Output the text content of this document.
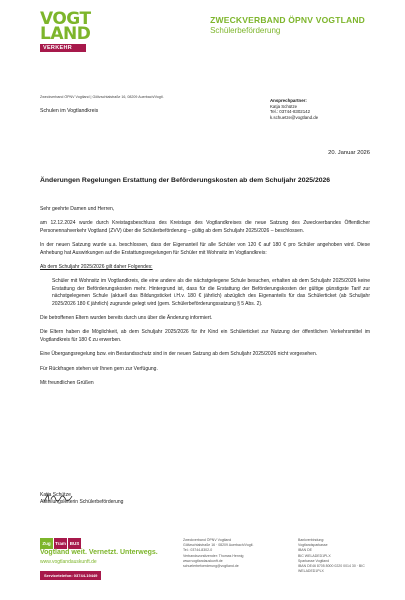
VOGT
LAND
VERKEHR
ZWECKVERBAND ÖPNV VOGTLAND
Schülerbeförderung
Zweckverband ÖPNV Vogtland | Göltzschtalstraße 16, 08209 Auerbach/Vogtl.
Schulen im Vogtlandkreis
Ansprechpartner:
Katja Schütze
Tel.: 03744-8302142
k.schuetze@vogtland.de
20. Januar 2026
Änderungen Regelungen Erstattung der Beförderungskosten ab dem Schuljahr 2025/2026

Sehr geehrte Damen und Herren,

am 12.12.2024 wurde durch Kreistagsbeschluss des Kreistags des Vogtlandkreises die neue Satzung des Zweckverbandes Öffentlicher Personennahverkehr Vogtland (ZVV) über die Schülerbeförderung – gültig ab dem Schuljahr 2025/2026 – beschlossen.

In der neuen Satzung wurde u.a. beschlossen, dass der Eigenanteil für alle Schüler von 120 € auf 180 € pro Schüler angehoben wird. Diese Anhebung hat Auswirkungen auf die Erstattungsregelungen für Schüler mit Wohnsitz im Vogtlandkreis:

Ab dem Schuljahr 2025/2026 gilt daher Folgendes:

Schüler mit Wohnsitz im Vogtlandkreis, die eine andere als die nächstgelegene Schule besuchen, erhalten ab dem Schuljahr 2025/2026 keine Erstattung der Beförderungskosten mehr. Hintergrund ist, dass für die Erstattung der Beförderungskosten der gültige günstigste Tarif zur nächstgelegenen Schule (aktuell das Bildungsticket i.H.v. 180 € jährlich) abzüglich des Eigenanteils für das Schülerticket (ab Schuljahr 2025/2026 180 € jährlich) zugrunde gelegt wird (gem. Schülerbeförderungssatzung § 5 Abs. 2).

Die betroffenen Eltern wurden bereits durch uns über die Änderung informiert.

Die Eltern haben die Möglichkeit, ab dem Schuljahr 2025/2026 für ihr Kind ein Schülerticket zur Nutzung der öffentlichen Verkehrsmittel im Vogtlandkreis für 180 € zu erwerben.

Eine Übergangsregelung bzw. ein Bestandsschutz sind in der neuen Satzung ab dem Schuljahr 2025/2026 nicht vorgesehen.

Für Rückfragen stehen wir Ihnen gern zur Verfügung.

Mit freundlichen Grüßen

Katja Schütze
Abteilungsleiterin Schülerbeförderung
Zug Tram BUS
Vogtland weit. Vernetzt. Unterwegs.
www.vogtlandauskunft.de
Servicetelefon: 03744-19449
Zweckverband ÖPNV Vogtland
Göltzschtalstraße 16 · 08209 Auerbach/Vogtl.
Tel.: 03744-8302-0
Verbandsvorsitzender: Thomas Hennig
www.vogtlandauskunft.de
schuelerbefoerderung@vogtland.de
Bankverbindung:
Vogtlandsparkasse
IBAN DE
BIC WELADED1PLX
Sparkasse Vogtland
IBAN DE46 8705 8000 0220 0014 30 · BIC WELADED1PLX
